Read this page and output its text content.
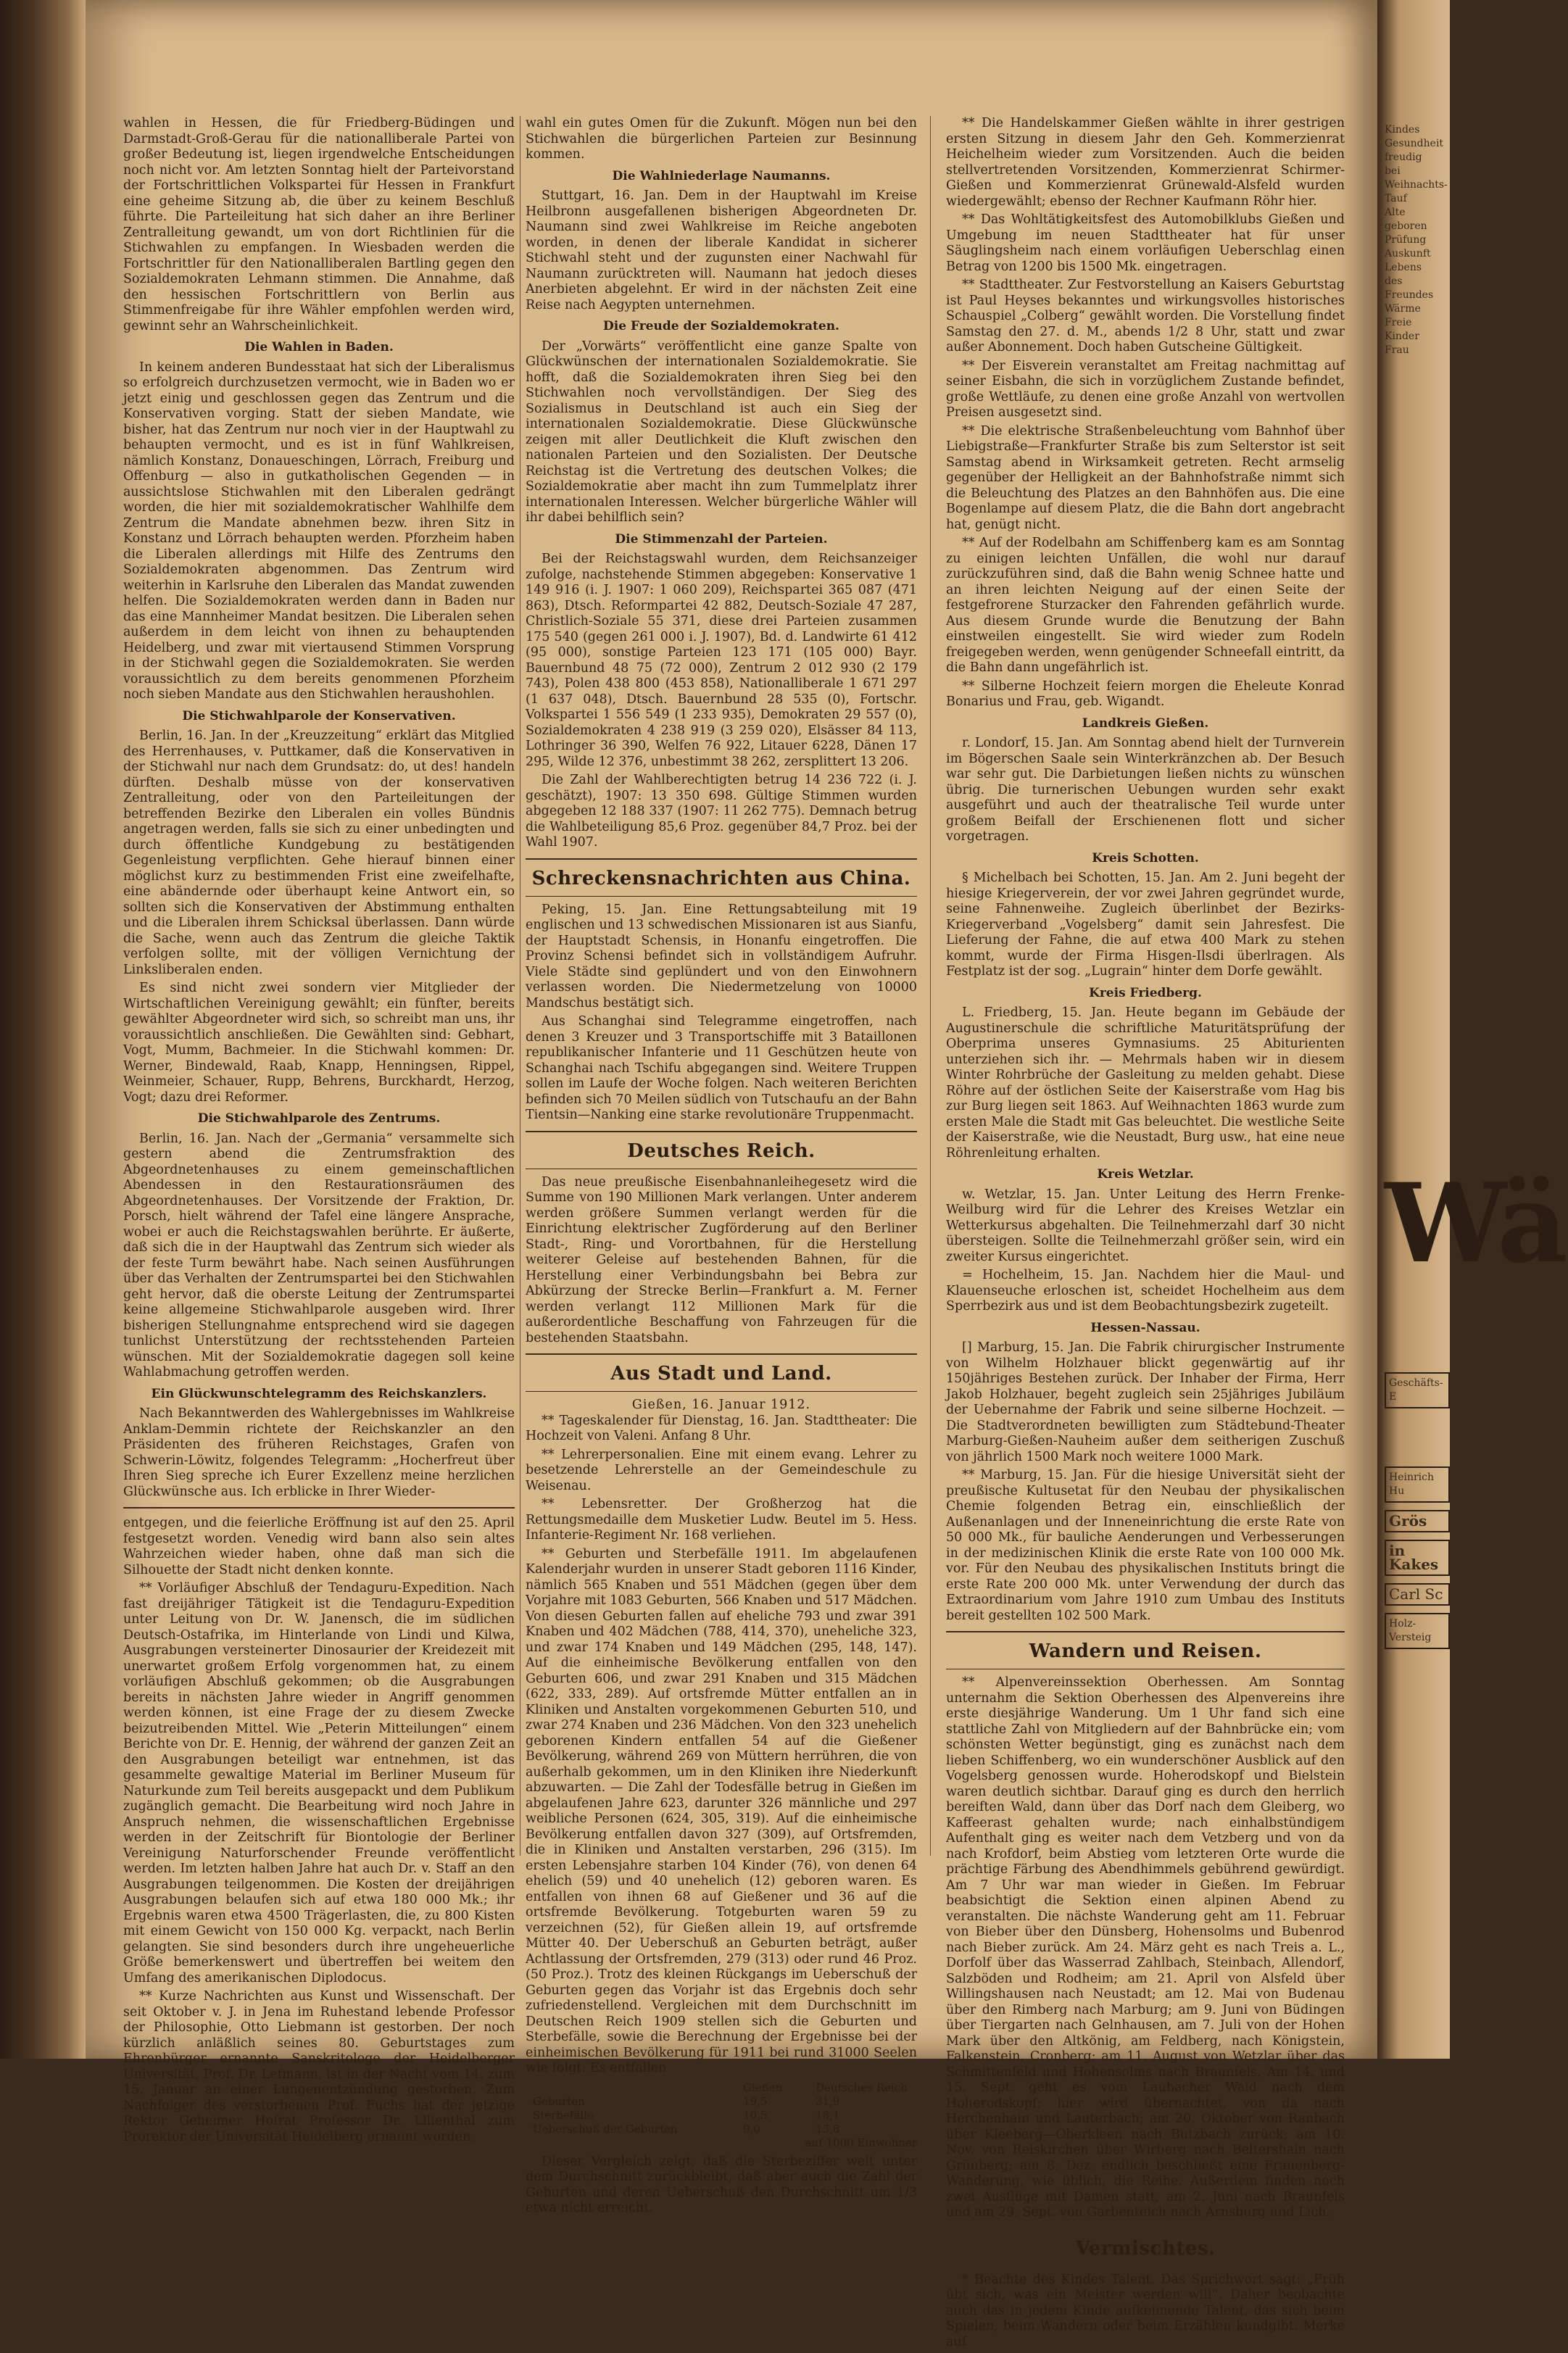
wahlen in Hessen, die für Friedberg-Büdingen und Darmstadt-Groß-Gerau für die nationalliberale Partei von großer Bedeutung ist, liegen irgendwelche Entscheidungen noch nicht vor. Am letzten Sonntag hielt der Parteivorstand der Fortschrittlichen Volkspartei für Hessen in Frankfurt eine geheime Sitzung ab, die über zu keinem Beschluß führte. Die Parteileitung hat sich daher an ihre Berliner Zentralleitung gewandt, um von dort Richtlinien für die Stichwahlen zu empfangen. In Wiesbaden werden die Fortschrittler für den Nationalliberalen Bartling gegen den Sozialdemokraten Lehmann stimmen. Die Annahme, daß den hessischen Fortschrittlern von Berlin aus Stimmenfreigabe für ihre Wähler empfohlen werden wird, gewinnt sehr an Wahrscheinlichkeit.

Die Wahlen in Baden.

In keinem anderen Bundesstaat hat sich der Liberalismus so erfolgreich durchzusetzen vermocht, wie in Baden wo er jetzt einig und geschlossen gegen das Zentrum und die Konservativen vorging. Statt der sieben Mandate, wie bisher, hat das Zentrum nur noch vier in der Hauptwahl zu behaupten vermocht, und es ist in fünf Wahlkreisen, nämlich Konstanz, Donaueschingen, Lörrach, Freiburg und Offenburg — also in gutkatholischen Gegenden — in aussichtslose Stichwahlen mit den Liberalen gedrängt worden, die hier mit sozialdemokratischer Wahlhilfe dem Zentrum die Mandate abnehmen bezw. ihren Sitz in Konstanz und Lörrach behaupten werden. Pforzheim haben die Liberalen allerdings mit Hilfe des Zentrums den Sozialdemokraten abgenommen. Das Zentrum wird weiterhin in Karlsruhe den Liberalen das Mandat zuwenden helfen. Die Sozialdemokraten werden dann in Baden nur das eine Mannheimer Mandat besitzen. Die Liberalen sehen außerdem in dem leicht von ihnen zu behauptenden Heidelberg, und zwar mit viertausend Stimmen Vorsprung in der Stichwahl gegen die Sozialdemokraten. Sie werden voraussichtlich zu dem bereits genommenen Pforzheim noch sieben Mandate aus den Stichwahlen heraushohlen.

Die Stichwahlparole der Konservativen.

Berlin, 16. Jan. In der „Kreuzzeitung“ erklärt das Mitglied des Herrenhauses, v. Puttkamer, daß die Konservativen in der Stichwahl nur nach dem Grundsatz: do, ut des! handeln dürften. Deshalb müsse von der konservativen Zentralleitung, oder von den Parteileitungen der betreffenden Bezirke den Liberalen ein volles Bündnis angetragen werden, falls sie sich zu einer unbedingten und durch öffentliche Kundgebung zu bestätigenden Gegenleistung verpflichten. Gehe hierauf binnen einer möglichst kurz zu bestimmenden Frist eine zweifelhafte, eine abändernde oder überhaupt keine Antwort ein, so sollten sich die Konservativen der Abstimmung enthalten und die Liberalen ihrem Schicksal überlassen. Dann würde die Sache, wenn auch das Zentrum die gleiche Taktik verfolgen sollte, mit der völligen Vernichtung der Linksliberalen enden.

Es sind nicht zwei sondern vier Mitglieder der Wirtschaftlichen Vereinigung gewählt; ein fünfter, bereits gewählter Abgeordneter wird sich, so schreibt man uns, ihr voraussichtlich anschließen. Die Gewählten sind: Gebhart, Vogt, Mumm, Bachmeier. In die Stichwahl kommen: Dr. Werner, Bindewald, Raab, Knapp, Henningsen, Rippel, Weinmeier, Schauer, Rupp, Behrens, Burckhardt, Herzog, Vogt; dazu drei Reformer.

Die Stichwahlparole des Zentrums.

Berlin, 16. Jan. Nach der „Germania“ versammelte sich gestern abend die Zentrumsfraktion des Abgeordnetenhauses zu einem gemeinschaftlichen Abendessen in den Restaurationsräumen des Abgeordnetenhauses. Der Vorsitzende der Fraktion, Dr. Porsch, hielt während der Tafel eine längere Ansprache, wobei er auch die Reichstagswahlen berührte. Er äußerte, daß sich die in der Hauptwahl das Zentrum sich wieder als der feste Turm bewährt habe. Nach seinen Ausführungen über das Verhalten der Zentrumspartei bei den Stichwahlen geht hervor, daß die oberste Leitung der Zentrumspartei keine allgemeine Stichwahlparole ausgeben wird. Ihrer bisherigen Stellungnahme entsprechend wird sie dagegen tunlichst Unterstützung der rechtsstehenden Parteien wünschen. Mit der Sozialdemokratie dagegen soll keine Wahlabmachung getroffen werden.

Ein Glückwunschtelegramm des Reichskanzlers.

Nach Bekanntwerden des Wahlergebnisses im Wahlkreise Anklam-Demmin richtete der Reichskanzler an den Präsidenten des früheren Reichstages, Grafen von Schwerin-Löwitz, folgendes Telegramm: „Hocherfreut über Ihren Sieg spreche ich Eurer Exzellenz meine herzlichen Glückwünsche aus. Ich erblicke in Ihrer Wieder-

entgegen, und die feierliche Eröffnung ist auf den 25. April festgesetzt worden. Venedig wird bann also sein altes Wahrzeichen wieder haben, ohne daß man sich die Silhouette der Stadt nicht denken konnte.

** Vorläufiger Abschluß der Tendaguru-Expedition. Nach fast dreijähriger Tätigkeit ist die Tendaguru-Expedition unter Leitung von Dr. W. Janensch, die im südlichen Deutsch-Ostafrika, im Hinterlande von Lindi und Kilwa, Ausgrabungen versteinerter Dinosaurier der Kreidezeit mit unerwartet großem Erfolg vorgenommen hat, zu einem vorläufigen Abschluß gekommen; ob die Ausgrabungen bereits in nächsten Jahre wieder in Angriff genommen werden können, ist eine Frage der zu diesem Zwecke beizutreibenden Mittel. Wie „Peterin Mitteilungen“ einem Berichte von Dr. E. Hennig, der während der ganzen Zeit an den Ausgrabungen beteiligt war entnehmen, ist das gesammelte gewaltige Material im Berliner Museum für Naturkunde zum Teil bereits ausgepackt und dem Publikum zugänglich gemacht. Die Bearbeitung wird noch Jahre in Anspruch nehmen, die wissenschaftlichen Ergebnisse werden in der Zeitschrift für Biontologie der Berliner Vereinigung Naturforschender Freunde veröffentlicht werden. Im letzten halben Jahre hat auch Dr. v. Staff an den Ausgrabungen teilgenommen. Die Kosten der dreijährigen Ausgrabungen belaufen sich auf etwa 180 000 Mk.; ihr Ergebnis waren etwa 4500 Trägerlasten, die, zu 800 Kisten mit einem Gewicht von 150 000 Kg. verpackt, nach Berlin gelangten. Sie sind besonders durch ihre ungeheuerliche Größe bemerkenswert und übertreffen bei weitem den Umfang des amerikanischen Diplodocus.

** Kurze Nachrichten aus Kunst und Wissenschaft. Der seit Oktober v. J. in Jena im Ruhestand lebende Professor der Philosophie, Otto Liebmann ist gestorben. Der noch kürzlich anläßlich seines 80. Geburtstages zum Ehrenbürger ernannte Sanskritologe der Heidelberger Universität, Prof. Dr. Lefmann, ist in der Nacht vom 14. zum 15. Januar an einer Lungenentzündung gestorben. Zum Nachfolger des verstorbenen Prof. Fuchs hat der jetzige Rektor Geheimer Hofrat Professor Dr. Lilienthal zum Prorektor der Universität Heidelberg ernannt worden.

wahl ein gutes Omen für die Zukunft. Mögen nun bei den Stichwahlen die bürgerlichen Parteien zur Besinnung kommen.

Die Wahlniederlage Naumanns.

Stuttgart, 16. Jan. Dem in der Hauptwahl im Kreise Heilbronn ausgefallenen bisherigen Abgeordneten Dr. Naumann sind zwei Wahlkreise im Reiche angeboten worden, in denen der liberale Kandidat in sicherer Stichwahl steht und der zugunsten einer Nachwahl für Naumann zurücktreten will. Naumann hat jedoch dieses Anerbieten abgelehnt. Er wird in der nächsten Zeit eine Reise nach Aegypten unternehmen.

Die Freude der Sozialdemokraten.

Der „Vorwärts“ veröffentlicht eine ganze Spalte von Glückwünschen der internationalen Sozialdemokratie. Sie hofft, daß die Sozialdemokraten ihren Sieg bei den Stichwahlen noch vervollständigen. Der Sieg des Sozialismus in Deutschland ist auch ein Sieg der internationalen Sozialdemokratie. Diese Glückwünsche zeigen mit aller Deutlichkeit die Kluft zwischen den nationalen Parteien und den Sozialisten. Der Deutsche Reichstag ist die Vertretung des deutschen Volkes; die Sozialdemokratie aber macht ihn zum Tummelplatz ihrer internationalen Interessen. Welcher bürgerliche Wähler will ihr dabei behilflich sein?

Die Stimmenzahl der Parteien.

Bei der Reichstagswahl wurden, dem Reichsanzeiger zufolge, nachstehende Stimmen abgegeben: Konservative 1 149 916 (i. J. 1907: 1 060 209), Reichspartei 365 087 (471 863), Dtsch. Reformpartei 42 882, Deutsch-Soziale 47 287, Christlich-Soziale 55 371, diese drei Parteien zusammen 175 540 (gegen 261 000 i. J. 1907), Bd. d. Landwirte 61 412 (95 000), sonstige Parteien 123 171 (105 000) Bayr. Bauernbund 48 75 (72 000), Zentrum 2 012 930 (2 179 743), Polen 438 800 (453 858), Nationalliberale 1 671 297 (1 637 048), Dtsch. Bauernbund 28 535 (0), Fortschr. Volkspartei 1 556 549 (1 233 935), Demokraten 29 557 (0), Sozialdemokraten 4 238 919 (3 259 020), Elsässer 84 113, Lothringer 36 390, Welfen 76 922, Litauer 6228, Dänen 17 295, Wilde 12 376, unbestimmt 38 262, zersplittert 13 206.

Die Zahl der Wahlberechtigten betrug 14 236 722 (i. J. geschätzt), 1907: 13 350 698. Gültige Stimmen wurden abgegeben 12 188 337 (1907: 11 262 775). Demnach betrug die Wahlbeteiligung 85,6 Proz. gegenüber 84,7 Proz. bei der Wahl 1907.

Schreckensnachrichten aus China.

Peking, 15. Jan. Eine Rettungsabteilung mit 19 englischen und 13 schwedischen Missionaren ist aus Sianfu, der Hauptstadt Schensis, in Honanfu eingetroffen. Die Provinz Schensi befindet sich in vollständigem Aufruhr. Viele Städte sind geplündert und von den Einwohnern verlassen worden. Die Niedermetzelung von 10000 Mandschus bestätigt sich.

Aus Schanghai sind Telegramme eingetroffen, nach denen 3 Kreuzer und 3 Transportschiffe mit 3 Bataillonen republikanischer Infanterie und 11 Geschützen heute von Schanghai nach Tschifu abgegangen sind. Weitere Truppen sollen im Laufe der Woche folgen. Nach weiteren Berichten befinden sich 70 Meilen südlich von Tutschaufu an der Bahn Tientsin—Nanking eine starke revolutionäre Truppenmacht.

Deutsches Reich.

Das neue preußische Eisenbahnanleihegesetz wird die Summe von 190 Millionen Mark verlangen. Unter anderem werden größere Summen verlangt werden für die Einrichtung elektrischer Zugförderung auf den Berliner Stadt-, Ring- und Vorortbahnen, für die Herstellung weiterer Geleise auf bestehenden Bahnen, für die Herstellung einer Verbindungsbahn bei Bebra zur Abkürzung der Strecke Berlin—Frankfurt a. M. Ferner werden verlangt 112 Millionen Mark für die außerordentliche Beschaffung von Fahrzeugen für die bestehenden Staatsbahn.

Aus Stadt und Land.
Gießen, 16. Januar 1912.

** Tageskalender für Dienstag, 16. Jan. Stadttheater: Die Hochzeit von Valeni. Anfang 8 Uhr.

** Lehrerpersonalien. Eine mit einem evang. Lehrer zu besetzende Lehrerstelle an der Gemeindeschule zu Weisenau.

** Lebensretter. Der Großherzog hat die Rettungsmedaille dem Musketier Ludw. Beutel im 5. Hess. Infanterie-Regiment Nr. 168 verliehen.

** Geburten und Sterbefälle 1911. Im abgelaufenen Kalenderjahr wurden in unserer Stadt geboren 1116 Kinder, nämlich 565 Knaben und 551 Mädchen (gegen über dem Vorjahre mit 1083 Geburten, 566 Knaben und 517 Mädchen. Von diesen Geburten fallen auf eheliche 793 und zwar 391 Knaben und 402 Mädchen (788, 414, 370), uneheliche 323, und zwar 174 Knaben und 149 Mädchen (295, 148, 147). Auf die einheimische Bevölkerung entfallen von den Geburten 606, und zwar 291 Knaben und 315 Mädchen (622, 333, 289). Auf ortsfremde Mütter entfallen an in Kliniken und Anstalten vorgekommenen Geburten 510, und zwar 274 Knaben und 236 Mädchen. Von den 323 unehelich geborenen Kindern entfallen 54 auf die Gießener Bevölkerung, während 269 von Müttern herrühren, die von außerhalb gekommen, um in den Kliniken ihre Niederkunft abzuwarten. — Die Zahl der Todesfälle betrug in Gießen im abgelaufenen Jahre 623, darunter 326 männliche und 297 weibliche Personen (624, 305, 319). Auf die einheimische Bevölkerung entfallen davon 327 (309), auf Ortsfremden, die in Kliniken und Anstalten verstarben, 296 (315). Im ersten Lebensjahre starben 104 Kinder (76), von denen 64 ehelich (59) und 40 unehelich (12) geboren waren. Es entfallen von ihnen 68 auf Gießener und 36 auf die ortsfremde Bevölkerung. Totgeburten waren 59 zu verzeichnen (52), für Gießen allein 19, auf ortsfremde Mütter 40. Der Ueberschuß an Geburten beträgt, außer Achtlassung der Ortsfremden, 279 (313) oder rund 46 Proz. (50 Proz.). Trotz des kleinen Rückgangs im Ueberschuß der Geburten gegen das Vorjahr ist das Ergebnis doch sehr zufriedenstellend. Vergleichen mit dem Durchschnitt im Deutschen Reich 1909 stellen sich die Geburten und Sterbefälle, sowie die Berechnung der Ergebnisse bei der einheimischen Bevölkerung für 1911 bei rund 31000 Seelen wie folgt: Es entfallen

Gießen	Deutsches Reich
Geburten	19,5	31,9
Sterbefälle	10,5	18,1
Ueberschuß der Geburten	9,0	13,8
auf 1000 Einwohner

Dieser Vergleich zeigt, daß die Sterbeziffer weit unter dem Durchschnitt zurückbleibt, daß aber auch die Zahl der Geburten und deren Ueberschuß den Durchschnitt um 1/3 etwa nicht erreicht.

** Die Handelskammer Gießen wählte in ihrer gestrigen ersten Sitzung in diesem Jahr den Geh. Kommerzienrat Heichelheim wieder zum Vorsitzenden. Auch die beiden stellvertretenden Vorsitzenden, Kommerzienrat Schirmer-Gießen und Kommerzienrat Grünewald-Alsfeld wurden wiedergewählt; ebenso der Rechner Kaufmann Röhr hier.

** Das Wohltätigkeitsfest des Automobilklubs Gießen und Umgebung im neuen Stadttheater hat für unser Säuglingsheim nach einem vorläufigen Ueberschlag einen Betrag von 1200 bis 1500 Mk. eingetragen.

** Stadttheater. Zur Festvorstellung an Kaisers Geburtstag ist Paul Heyses bekanntes und wirkungsvolles historisches Schauspiel „Colberg“ gewählt worden. Die Vorstellung findet Samstag den 27. d. M., abends 1/2 8 Uhr, statt und zwar außer Abonnement. Doch haben Gutscheine Gültigkeit.

** Der Eisverein veranstaltet am Freitag nachmittag auf seiner Eisbahn, die sich in vorzüglichem Zustande befindet, große Wettläufe, zu denen eine große Anzahl von wertvollen Preisen ausgesetzt sind.

** Die elektrische Straßenbeleuchtung vom Bahnhof über Liebigstraße—Frankfurter Straße bis zum Selterstor ist seit Samstag abend in Wirksamkeit getreten. Recht armselig gegenüber der Helligkeit an der Bahnhofstraße nimmt sich die Beleuchtung des Platzes an den Bahnhöfen aus. Die eine Bogenlampe auf diesem Platz, die die Bahn dort angebracht hat, genügt nicht.

** Auf der Rodelbahn am Schiffenberg kam es am Sonntag zu einigen leichten Unfällen, die wohl nur darauf zurückzuführen sind, daß die Bahn wenig Schnee hatte und an ihren leichten Neigung auf der einen Seite der festgefrorene Sturzacker den Fahrenden gefährlich wurde. Aus diesem Grunde wurde die Benutzung der Bahn einstweilen eingestellt. Sie wird wieder zum Rodeln freigegeben werden, wenn genügender Schneefall eintritt, da die Bahn dann ungefährlich ist.

** Silberne Hochzeit feiern morgen die Eheleute Konrad Bonarius und Frau, geb. Wigandt.

Landkreis Gießen.

r. Londorf, 15. Jan. Am Sonntag abend hielt der Turnverein im Bögerschen Saale sein Winterkränzchen ab. Der Besuch war sehr gut. Die Darbietungen ließen nichts zu wünschen übrig. Die turnerischen Uebungen wurden sehr exakt ausgeführt und auch der theatralische Teil wurde unter großem Beifall der Erschienenen flott und sicher vorgetragen.

Kreis Schotten.

§ Michelbach bei Schotten, 15. Jan. Am 2. Juni begeht der hiesige Kriegerverein, der vor zwei Jahren gegründet wurde, seine Fahnenweihe. Zugleich überlinbet der Bezirks-Kriegerverband „Vogelsberg“ damit sein Jahresfest. Die Lieferung der Fahne, die auf etwa 400 Mark zu stehen kommt, wurde der Firma Hisgen-Ilsdi überlragen. Als Festplatz ist der sog. „Lugrain“ hinter dem Dorfe gewählt.

Kreis Friedberg.

L. Friedberg, 15. Jan. Heute begann im Gebäude der Augustinerschule die schriftliche Maturitätsprüfung der Oberprima unseres Gymnasiums. 25 Abiturienten unterziehen sich ihr. — Mehrmals haben wir in diesem Winter Rohrbrüche der Gasleitung zu melden gehabt. Diese Röhre auf der östlichen Seite der Kaiserstraße vom Hag bis zur Burg liegen seit 1863. Auf Weihnachten 1863 wurde zum ersten Male die Stadt mit Gas beleuchtet. Die westliche Seite der Kaiserstraße, wie die Neustadt, Burg usw., hat eine neue Röhrenleitung erhalten.

Kreis Wetzlar.

w. Wetzlar, 15. Jan. Unter Leitung des Herrn Frenke-Weilburg wird für die Lehrer des Kreises Wetzlar ein Wetterkursus abgehalten. Die Teilnehmerzahl darf 30 nicht übersteigen. Sollte die Teilnehmerzahl größer sein, wird ein zweiter Kursus eingerichtet.

= Hochelheim, 15. Jan. Nachdem hier die Maul- und Klauenseuche erloschen ist, scheidet Hochelheim aus dem Sperrbezirk aus und ist dem Beobachtungsbezirk zugeteilt.

Hessen-Nassau.

[] Marburg, 15. Jan. Die Fabrik chirurgischer Instrumente von Wilhelm Holzhauer blickt gegenwärtig auf ihr 150jähriges Bestehen zurück. Der Inhaber der Firma, Herr Jakob Holzhauer, begeht zugleich sein 25jähriges Jubiläum der Uebernahme der Fabrik und seine silberne Hochzeit. — Die Stadtverordneten bewilligten zum Städtebund-Theater Marburg-Gießen-Nauheim außer dem seitherigen Zuschuß von jährlich 1500 Mark noch weitere 1000 Mark.

** Marburg, 15. Jan. Für die hiesige Universität sieht der preußische Kultusetat für den Neubau der physikalischen Chemie folgenden Betrag ein, einschließlich der Außenanlagen und der Inneneinrichtung die erste Rate von 50 000 Mk., für bauliche Aenderungen und Verbesserungen in der medizinischen Klinik die erste Rate von 100 000 Mk. vor. Für den Neubau des physikalischen Instituts bringt die erste Rate 200 000 Mk. unter Verwendung der durch das Extraordinarium vom Jahre 1910 zum Umbau des Instituts bereit gestellten 102 500 Mark.

Wandern und Reisen.

** Alpenvereinssektion Oberhessen. Am Sonntag unternahm die Sektion Oberhessen des Alpenvereins ihre erste diesjährige Wanderung. Um 1 Uhr fand sich eine stattliche Zahl von Mitgliedern auf der Bahnbrücke ein; vom schönsten Wetter begünstigt, ging es zunächst nach dem lieben Schiffenberg, wo ein wunderschöner Ausblick auf den Vogelsberg genossen wurde. Hoherodskopf und Bielstein waren deutlich sichtbar. Darauf ging es durch den herrlich bereiften Wald, dann über das Dorf nach dem Gleiberg, wo Kaffeerast gehalten wurde; nach einhalbstündigem Aufenthalt ging es weiter nach dem Vetzberg und von da nach Krofdorf, beim Abstieg vom letzteren Orte wurde die prächtige Färbung des Abendhimmels gebührend gewürdigt. Am 7 Uhr war man wieder in Gießen. Im Februar beabsichtigt die Sektion einen alpinen Abend zu veranstalten. Die nächste Wanderung geht am 11. Februar von Bieber über den Dünsberg, Hohensolms und Bubenrod nach Bieber zurück. Am 24. März geht es nach Treis a. L., Dorfolf über das Wasserrad Zahlbach, Steinbach, Allendorf, Salzböden und Rodheim; am 21. April von Alsfeld über Willingshausen nach Neustadt; am 12. Mai von Budenau über den Rimberg nach Marburg; am 9. Juni von Büdingen über Tiergarten nach Gelnhausen, am 7. Juli von der Hohen Mark über den Altkönig, am Feldberg, nach Königstein, Falkenstein, Cronberg; am 11. August von Wetzlar über das Schmittenfeld und Hohensolms nach Braunfels. Am 14. und 15. Sept. geht es vom Laubacher Wald nach dem Hoherodskopf; hier wird übernachtet, von da nach Herchenhain und Lauterbach; am 20. Oktober von Ranbach über Kleeberg—Oberkleen nach Butzbach zurück; am 10. Nov. von Reiskirchen über Wirberg nach Beltershain nach Grünberg; am 8. Dez. endlich beschließt eine Frauenberg-Wanderung, wie üblich, die Reihe. Außerdem finden noch zwei Ausflüge mit Damen statt, am 2. Juni nach Braunfels und am 29. Sept. von Garbenteich nach Arnsburg und Lich.

Vermischtes.

* Beachte des Kindes Talent. Das Sprichwort sagt: „Früh übt sich, was ein Meister werden will“. Daher beobachte auch das in jedem Kinde aufkeimende Talent, das sich beim Spielen, beim Wandern oder beim Erzählen kundgibt. Merke auf

Kindes
Gesundheit
freudig
bei
Weihnachts-
Tauf
Alte
geboren
Prüfung
Auskunft
Lebens
des
Freundes
Wärme
Freie
Kinder
Frau
Wä
Geschäfts-E
Heinrich Hu
Grös
in Kakes
Carl Sc
Holz-Versteig
